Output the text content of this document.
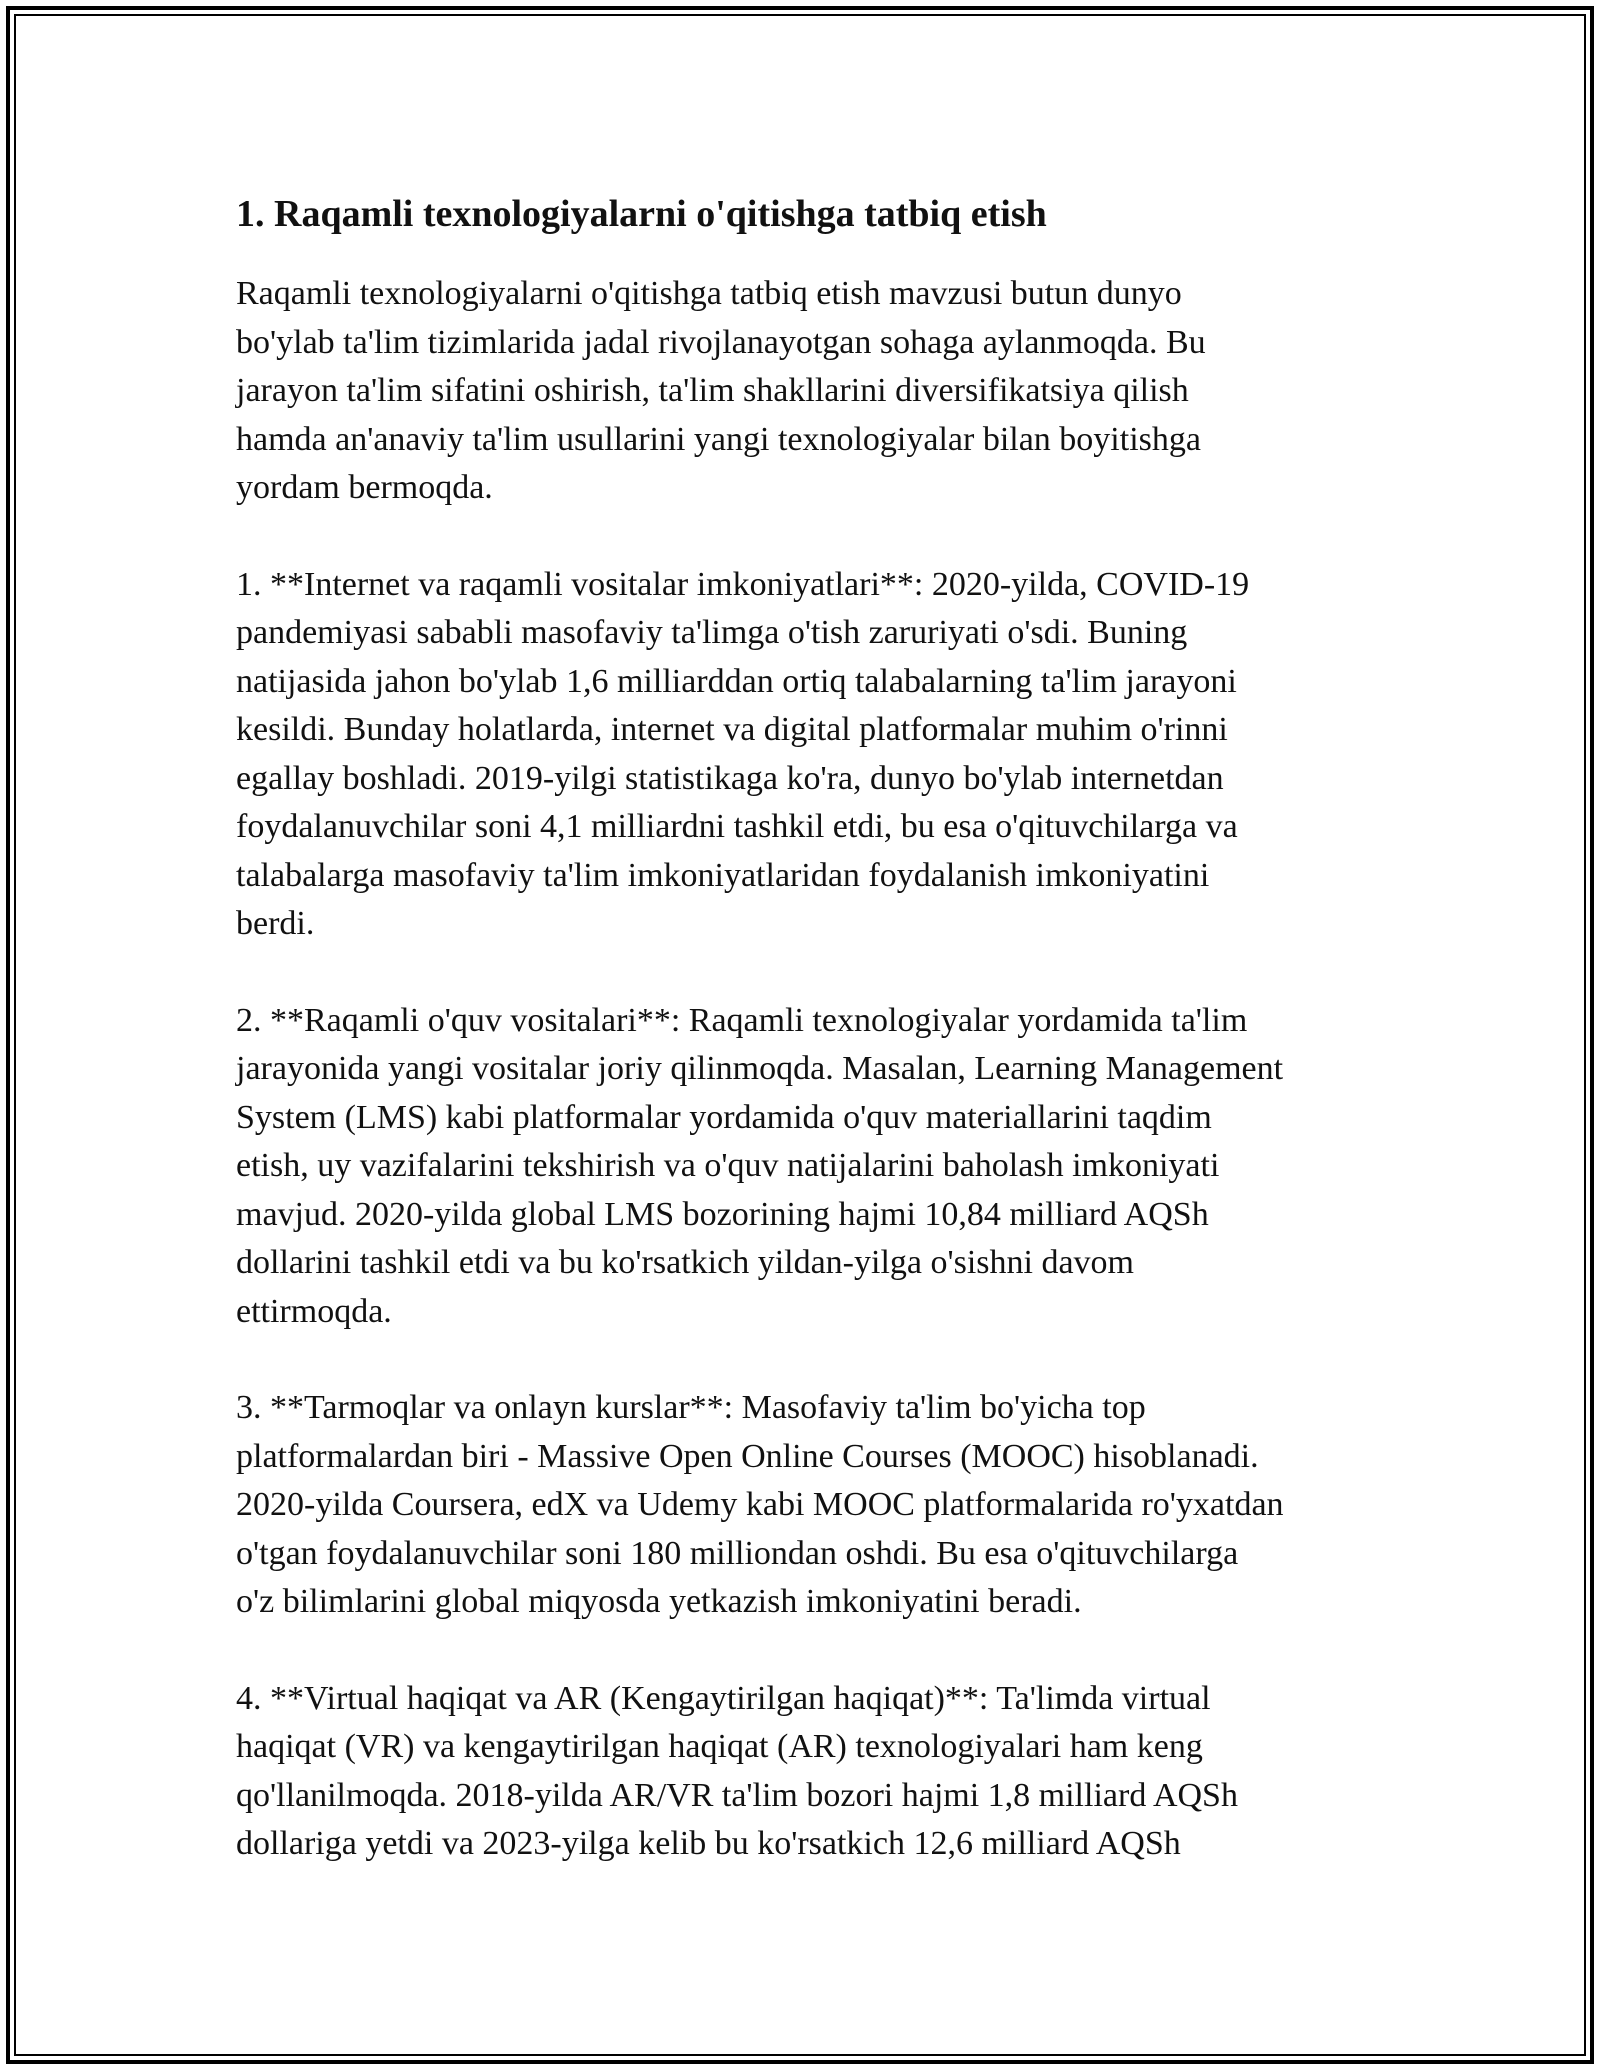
1. Raqamli texnologiyalarni o'qitishga tatbiq etish
Raqamli texnologiyalarni o'qitishga tatbiq etish mavzusi butun dunyo
bo'ylab ta'lim tizimlarida jadal rivojlanayotgan sohaga aylanmoqda. Bu
jarayon ta'lim sifatini oshirish, ta'lim shakllarini diversifikatsiya qilish
hamda an'anaviy ta'lim usullarini yangi texnologiyalar bilan boyitishga
yordam bermoqda.
1. **Internet va raqamli vositalar imkoniyatlari**: 2020-yilda, COVID-19
pandemiyasi sababli masofaviy ta'limga o'tish zaruriyati o'sdi. Buning
natijasida jahon bo'ylab 1,6 milliarddan ortiq talabalarning ta'lim jarayoni
kesildi. Bunday holatlarda, internet va digital platformalar muhim o'rinni
egallay boshladi. 2019-yilgi statistikaga ko'ra, dunyo bo'ylab internetdan
foydalanuvchilar soni 4,1 milliardni tashkil etdi, bu esa o'qituvchilarga va
talabalarga masofaviy ta'lim imkoniyatlaridan foydalanish imkoniyatini
berdi.
2. **Raqamli o'quv vositalari**: Raqamli texnologiyalar yordamida ta'lim
jarayonida yangi vositalar joriy qilinmoqda. Masalan, Learning Management
System (LMS) kabi platformalar yordamida o'quv materiallarini taqdim
etish, uy vazifalarini tekshirish va o'quv natijalarini baholash imkoniyati
mavjud. 2020-yilda global LMS bozorining hajmi 10,84 milliard AQSh
dollarini tashkil etdi va bu ko'rsatkich yildan-yilga o'sishni davom
ettirmoqda.
3. **Tarmoqlar va onlayn kurslar**: Masofaviy ta'lim bo'yicha top
platformalardan biri - Massive Open Online Courses (MOOC) hisoblanadi.
2020-yilda Coursera, edX va Udemy kabi MOOC platformalarida ro'yxatdan
o'tgan foydalanuvchilar soni 180 milliondan oshdi. Bu esa o'qituvchilarga
o'z bilimlarini global miqyosda yetkazish imkoniyatini beradi.
4. **Virtual haqiqat va AR (Kengaytirilgan haqiqat)**: Ta'limda virtual
haqiqat (VR) va kengaytirilgan haqiqat (AR) texnologiyalari ham keng
qo'llanilmoqda. 2018-yilda AR/VR ta'lim bozori hajmi 1,8 milliard AQSh
dollariga yetdi va 2023-yilga kelib bu ko'rsatkich 12,6 milliard AQSh
